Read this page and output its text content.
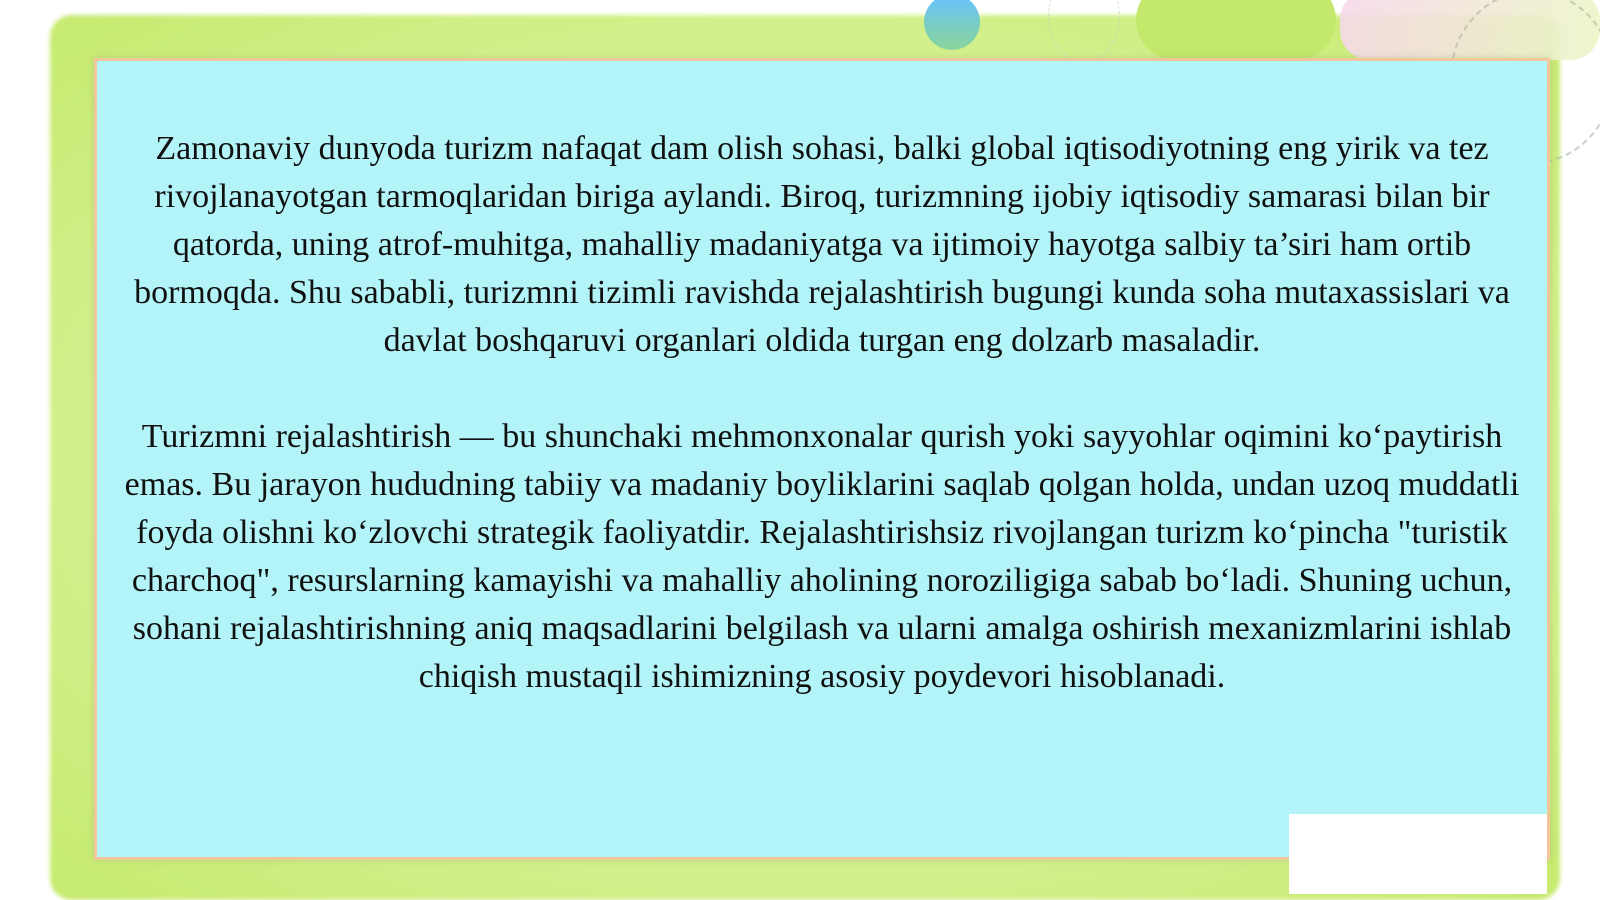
Zamonaviy dunyoda turizm nafaqat dam olish sohasi, balki global iqtisodiyotning eng yirik va tez rivojlanayotgan tarmoqlaridan biriga aylandi. Biroq, turizmning ijobiy iqtisodiy samarasi bilan bir qatorda, uning atrof-muhitga, mahalliy madaniyatga va ijtimoiy hayotga salbiy ta’siri ham ortib bormoqda. Shu sababli, turizmni tizimli ravishda rejalashtirish bugungi kunda soha mutaxassislari va davlat boshqaruvi organlari oldida turgan eng dolzarb masaladir.

Turizmni rejalashtirish — bu shunchaki mehmonxonalar qurish yoki sayyohlar oqimini ko‘paytirish emas. Bu jarayon hududning tabiiy va madaniy boyliklarini saqlab qolgan holda, undan uzoq muddatli foyda olishni ko‘zlovchi strategik faoliyatdir. Rejalashtirishsiz rivojlangan turizm ko‘pincha "turistik charchoq", resurslarning kamayishi va mahalliy aholining noroziligiga sabab bo‘ladi. Shuning uchun, sohani rejalashtirishning aniq maqsadlarini belgilash va ularni amalga oshirish mexanizmlarini ishlab chiqish mustaqil ishimizning asosiy poydevori hisoblanadi.
